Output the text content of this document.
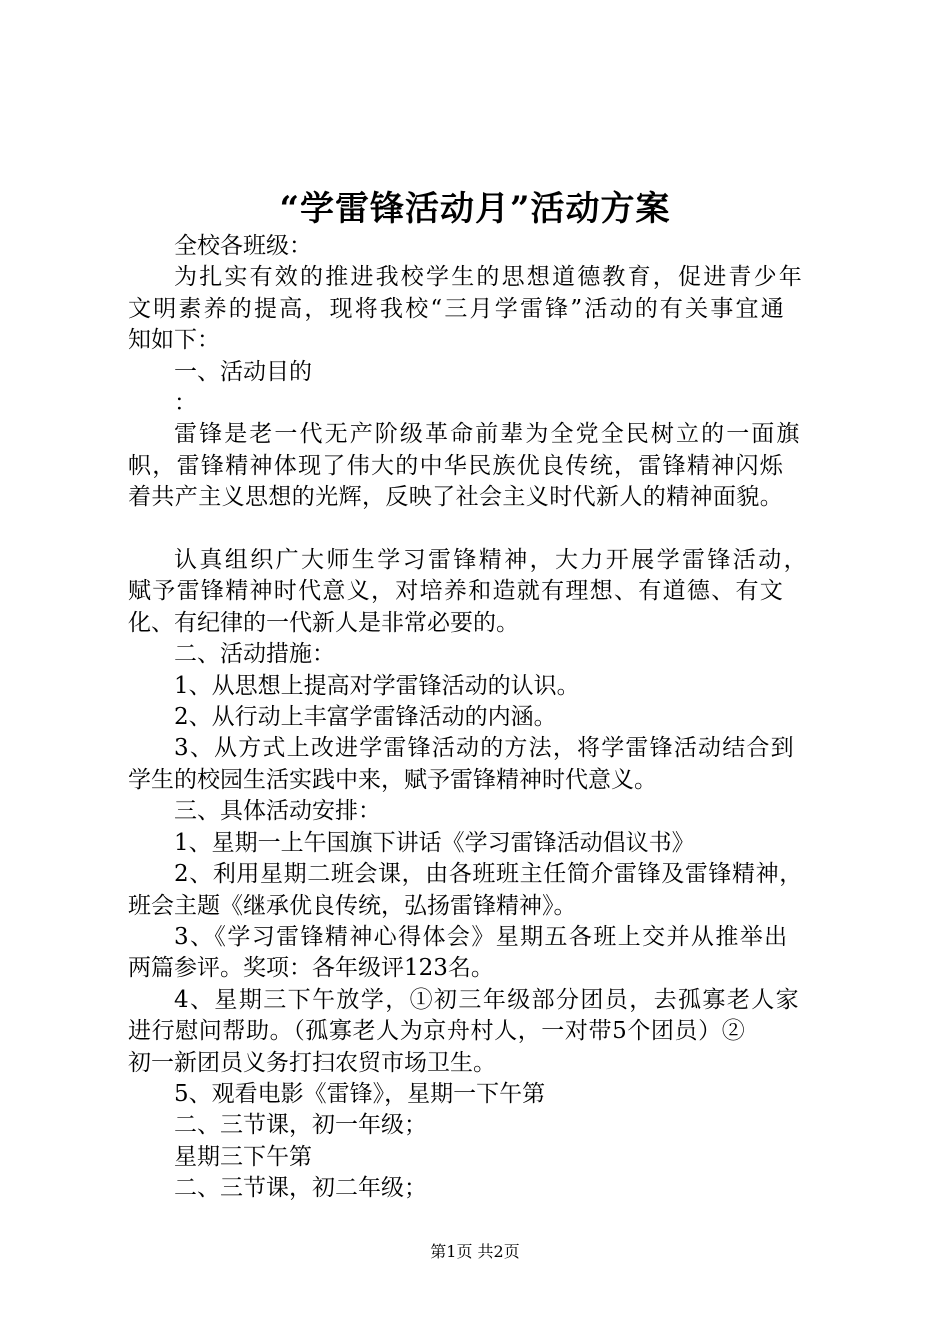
“学雷锋活动月”活动方案
全校各班级：
为扎实有效的推进我校学生的思想道德教育，促进青少年
文明素养的提高，现将我校“三月学雷锋”活动的有关事宜通
知如下：
一、活动目的
：
雷锋是老一代无产阶级革命前辈为全党全民树立的一面旗
帜，雷锋精神体现了伟大的中华民族优良传统，雷锋精神闪烁
着共产主义思想的光辉，反映了社会主义时代新人的精神面貌。
认真组织广大师生学习雷锋精神，大力开展学雷锋活动，
赋予雷锋精神时代意义，对培养和造就有理想、有道德、有文
化、有纪律的一代新人是非常必要的。
二、活动措施：
1、从思想上提高对学雷锋活动的认识。
2、从行动上丰富学雷锋活动的内涵。
3、从方式上改进学雷锋活动的方法，将学雷锋活动结合到
学生的校园生活实践中来，赋予雷锋精神时代意义。
三、具体活动安排：
1、星期一上午国旗下讲话《学习雷锋活动倡议书》
2、利用星期二班会课，由各班班主任简介雷锋及雷锋精神，
班会主题《继承优良传统，弘扬雷锋精神》。
3、《学习雷锋精神心得体会》星期五各班上交并从推举出
两篇参评。奖项：各年级评123名。
4、星期三下午放学，①初三年级部分团员，去孤寡老人家
进行慰问帮助。（孤寡老人为京舟村人，一对带5个团员）②
初一新团员义务打扫农贸市场卫生。
5、观看电影《雷锋》，星期一下午第
二、三节课，初一年级；
星期三下午第
二、三节课，初二年级；
第1页 共2页
